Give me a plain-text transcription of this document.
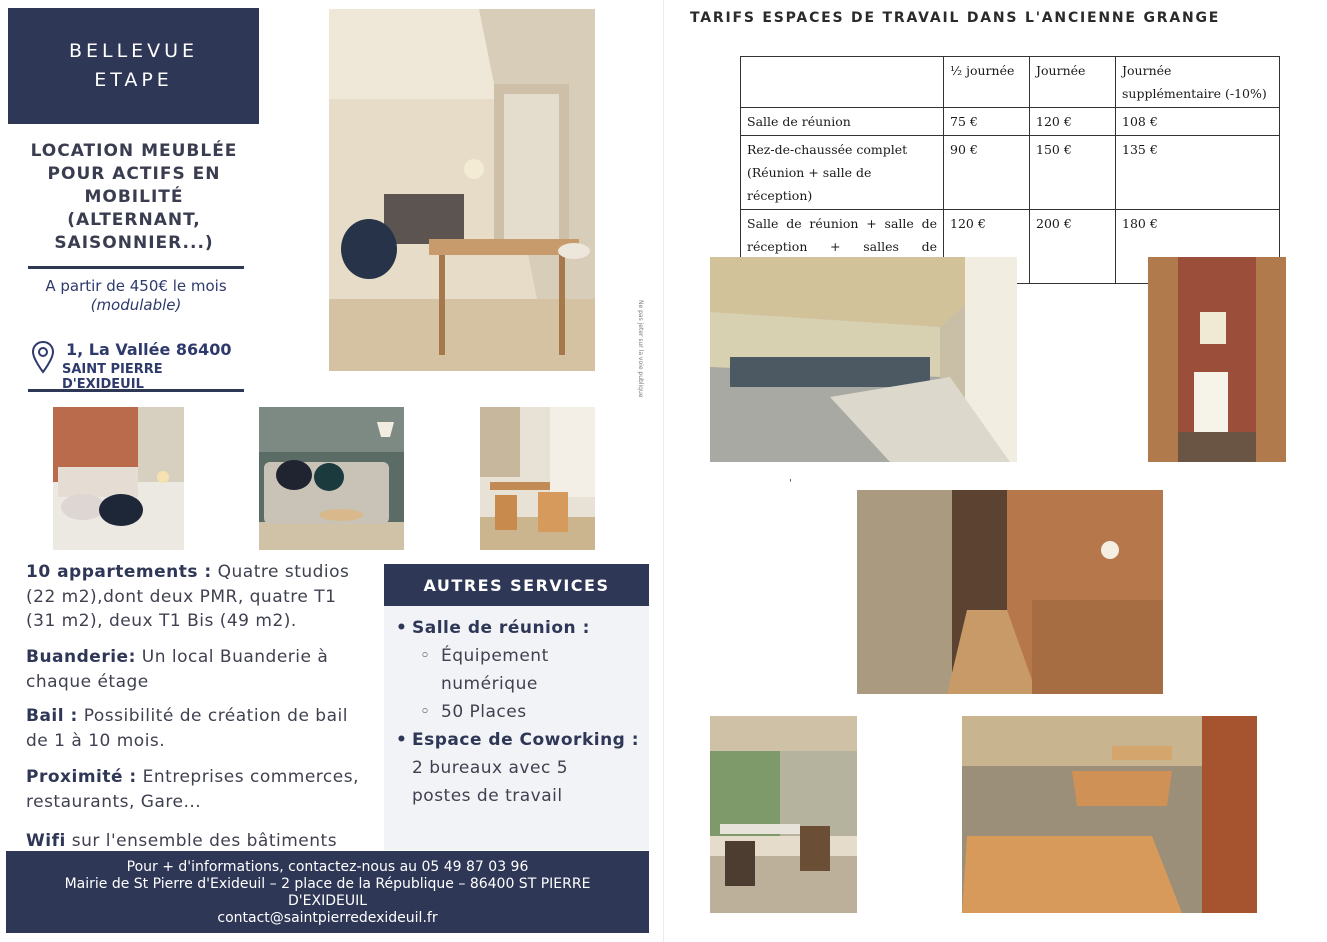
BELLEVUE
ETAPE
LOCATION MEUBLÉE
POUR ACTIFS EN
MOBILITÉ
(ALTERNANT,
SAISONNIER...)
A partir de 450€ le mois
(modulable)
1, La Vallée 86400
SAINT PIERRE D'EXIDEUIL
10 appartements : Quatre studios (22 m2),dont deux PMR, quatre T1 (31 m2), deux T1 Bis (49 m2).
Buanderie: Un local Buanderie à chaque étage
Bail : Possibilité de création de bail de 1 à 10 mois.
Proximité : Entreprises commerces, restaurants, Gare...
Wifi sur l'ensemble des bâtiments
AUTRES SERVICES
• Salle de réunion :
◦ Équipement numérique
◦ 50 Places
• Espace de Coworking :
2 bureaux avec 5 postes de travail
Pour + d'informations, contactez-nous au 05 49 87 03 96
Mairie de St Pierre d'Exideuil – 2 place de la République – 86400 ST PIERRE D'EXIDEUIL
contact@saintpierredexideuil.fr
Ne pas jeter sur la voie publique
TARIFS ESPACES DE TRAVAIL DANS L'ANCIENNE GRANGE
	½ journée	Journée	Journée supplémentaire (-10%)
Salle de réunion	75 €	120 €	108 €
Rez-de-chaussée complet (Réunion + salle de réception)	90 €	150 €	135 €
Salle de réunion + salle de réception + salles de	120 €	200 €	180 €
'
